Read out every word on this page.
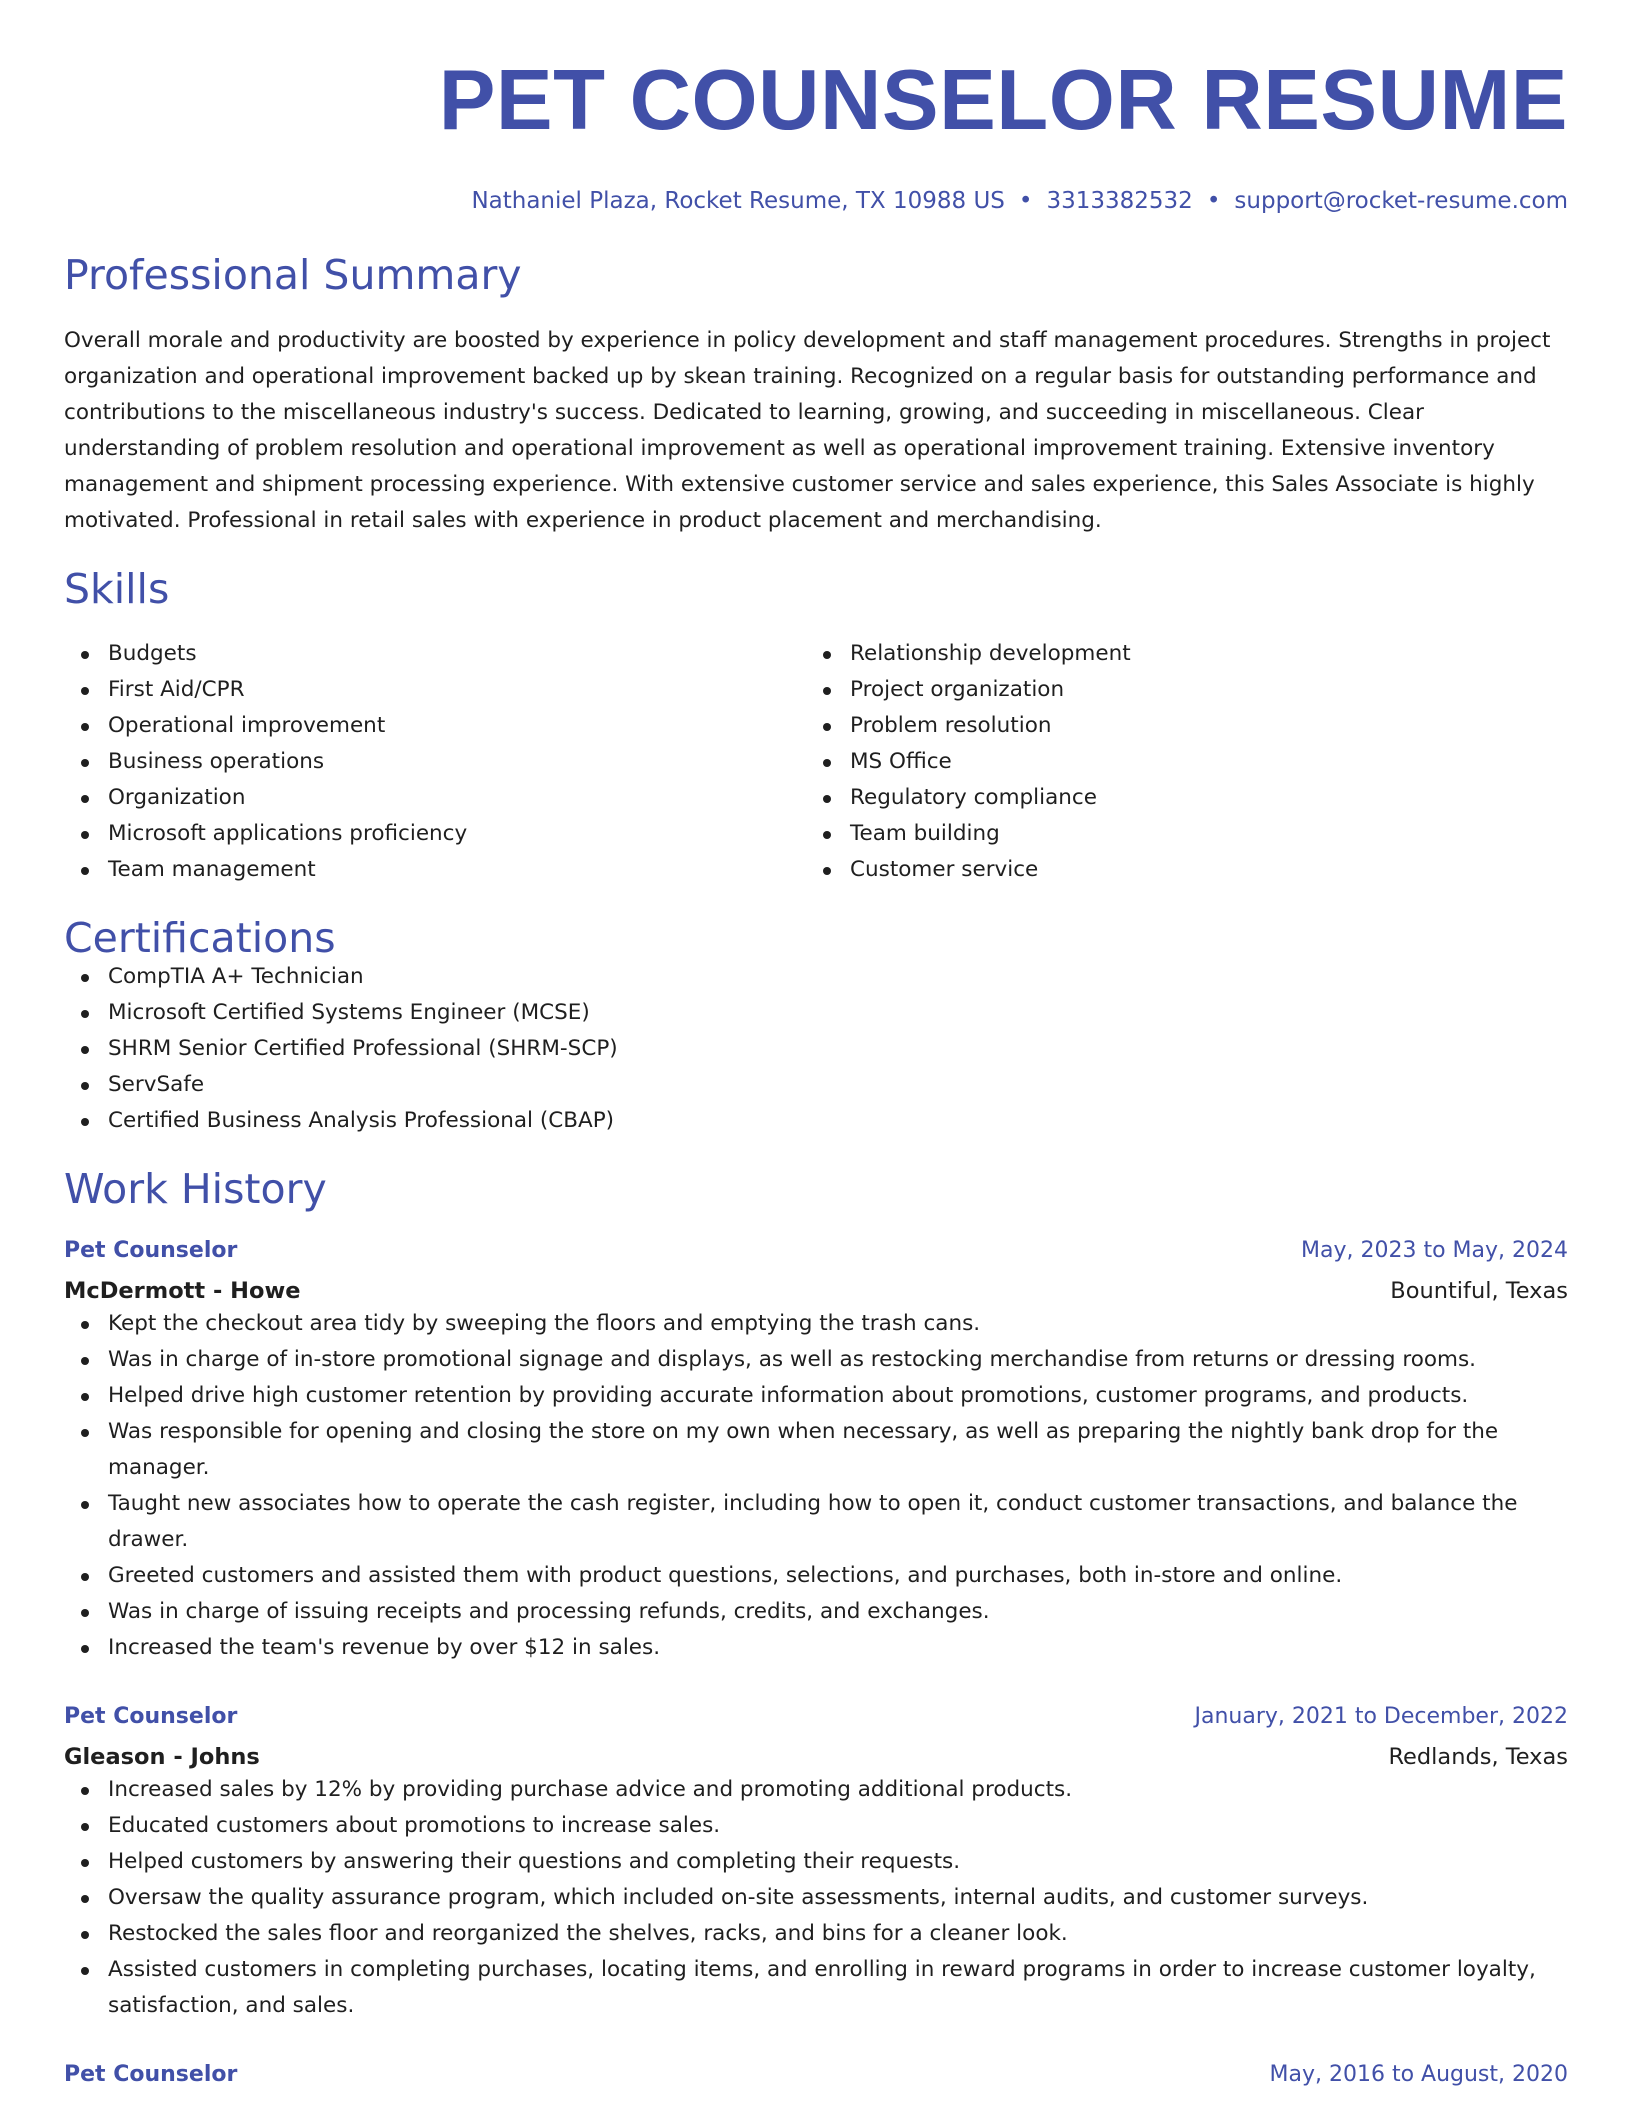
PET COUNSELOR RESUME
Nathaniel Plaza, Rocket Resume, TX 10988 US • 3313382532 • support@rocket-resume.com
Professional Summary
Overall morale and productivity are boosted by experience in policy development and staff management procedures. Strengths in project organization and operational improvement backed up by skean training. Recognized on a regular basis for outstanding performance and contributions to the miscellaneous industry's success. Dedicated to learning, growing, and succeeding in miscellaneous. Clear understanding of problem resolution and operational improvement as well as operational improvement training. Extensive inventory management and shipment processing experience. With extensive customer service and sales experience, this Sales Associate is highly motivated. Professional in retail sales with experience in product placement and merchandising.
Skills
Budgets
First Aid/CPR
Operational improvement
Business operations
Organization
Microsoft applications proficiency
Team management
Relationship development
Project organization
Problem resolution
MS Office
Regulatory compliance
Team building
Customer service
Certifications
CompTIA A+ Technician
Microsoft Certified Systems Engineer (MCSE)
SHRM Senior Certified Professional (SHRM-SCP)
ServSafe
Certified Business Analysis Professional (CBAP)
Work History
Pet Counselor	May, 2023 to May, 2024
McDermott - Howe	Bountiful, Texas
Kept the checkout area tidy by sweeping the floors and emptying the trash cans.
Was in charge of in-store promotional signage and displays, as well as restocking merchandise from returns or dressing rooms.
Helped drive high customer retention by providing accurate information about promotions, customer programs, and products.
Was responsible for opening and closing the store on my own when necessary, as well as preparing the nightly bank drop for the manager.
Taught new associates how to operate the cash register, including how to open it, conduct customer transactions, and balance the drawer.
Greeted customers and assisted them with product questions, selections, and purchases, both in-store and online.
Was in charge of issuing receipts and processing refunds, credits, and exchanges.
Increased the team's revenue by over $12 in sales.
Pet Counselor	January, 2021 to December, 2022
Gleason - Johns	Redlands, Texas
Increased sales by 12% by providing purchase advice and promoting additional products.
Educated customers about promotions to increase sales.
Helped customers by answering their questions and completing their requests.
Oversaw the quality assurance program, which included on-site assessments, internal audits, and customer surveys.
Restocked the sales floor and reorganized the shelves, racks, and bins for a cleaner look.
Assisted customers in completing purchases, locating items, and enrolling in reward programs in order to increase customer loyalty, satisfaction, and sales.
Pet Counselor	May, 2016 to August, 2020
